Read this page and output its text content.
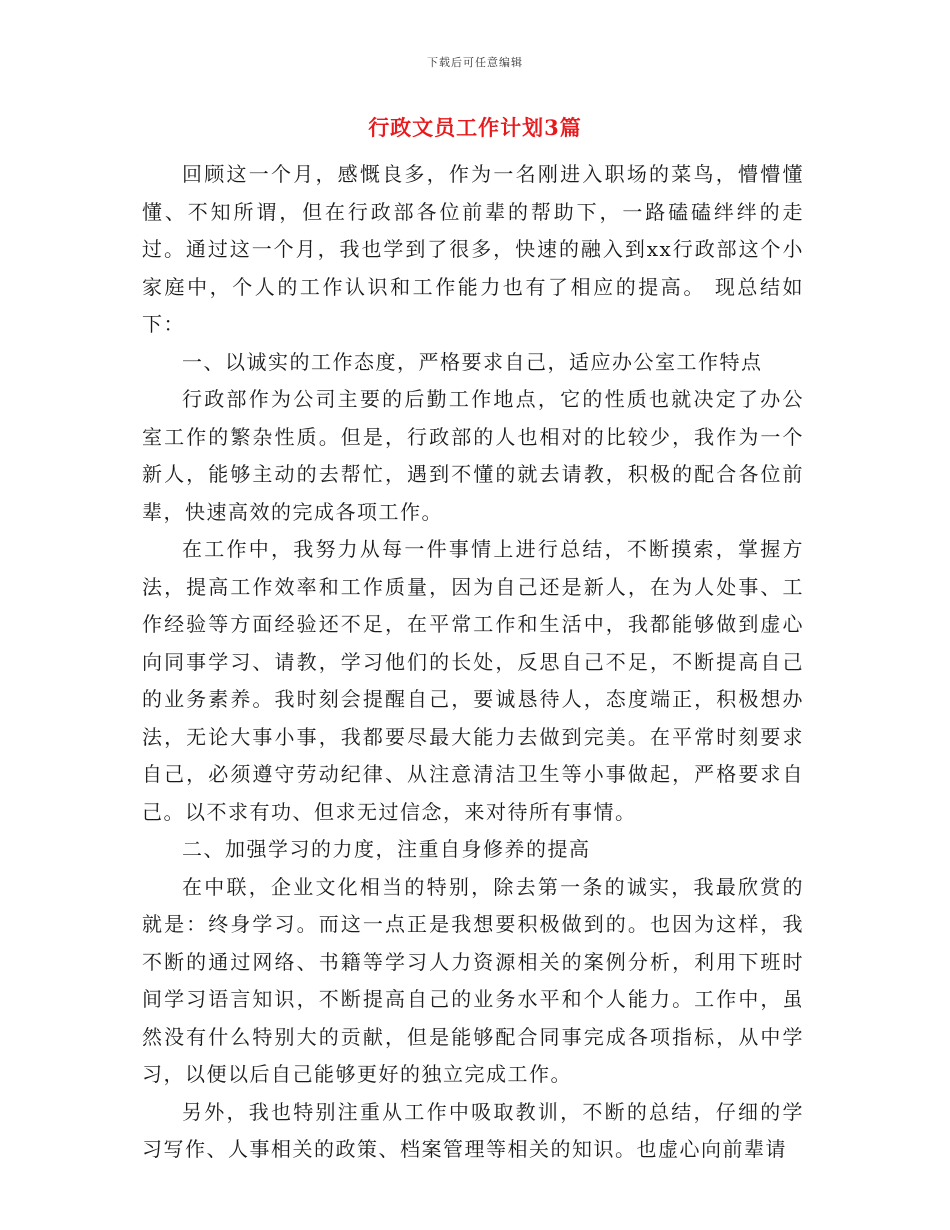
下载后可任意编辑
行政文员工作计划3篇

回顾这一个月，感慨良多，作为一名刚进入职场的菜鸟，懵懵懂懂、不知所谓，但在行政部各位前辈的帮助下，一路磕磕绊绊的走过。通过这一个月，我也学到了很多，快速的融入到xx行政部这个小家庭中，个人的工作认识和工作能力也有了相应的提高。 现总结如下：

一、以诚实的工作态度，严格要求自己，适应办公室工作特点

行政部作为公司主要的后勤工作地点，它的性质也就决定了办公室工作的繁杂性质。但是，行政部的人也相对的比较少，我作为一个新人，能够主动的去帮忙，遇到不懂的就去请教，积极的配合各位前辈，快速高效的完成各项工作。

在工作中，我努力从每一件事情上进行总结，不断摸索，掌握方法，提高工作效率和工作质量，因为自己还是新人，在为人处事、工作经验等方面经验还不足，在平常工作和生活中，我都能够做到虚心向同事学习、请教，学习他们的长处，反思自己不足，不断提高自己的业务素养。我时刻会提醒自己，要诚恳待人，态度端正，积极想办法，无论大事小事，我都要尽最大能力去做到完美。在平常时刻要求自己，必须遵守劳动纪律、从注意清洁卫生等小事做起，严格要求自己。以不求有功、但求无过信念，来对待所有事情。

二、加强学习的力度，注重自身修养的提高

在中联，企业文化相当的特别，除去第一条的诚实，我最欣赏的就是：终身学习。而这一点正是我想要积极做到的。也因为这样，我不断的通过网络、书籍等学习人力资源相关的案例分析，利用下班时间学习语言知识，不断提高自己的业务水平和个人能力。工作中，虽然没有什么特别大的贡献，但是能够配合同事完成各项指标，从中学习，以便以后自己能够更好的独立完成工作。

另外，我也特别注重从工作中吸取教训，不断的总结，仔细的学习写作、人事相关的政策、档案管理等相关的知识。也虚心向前辈请
